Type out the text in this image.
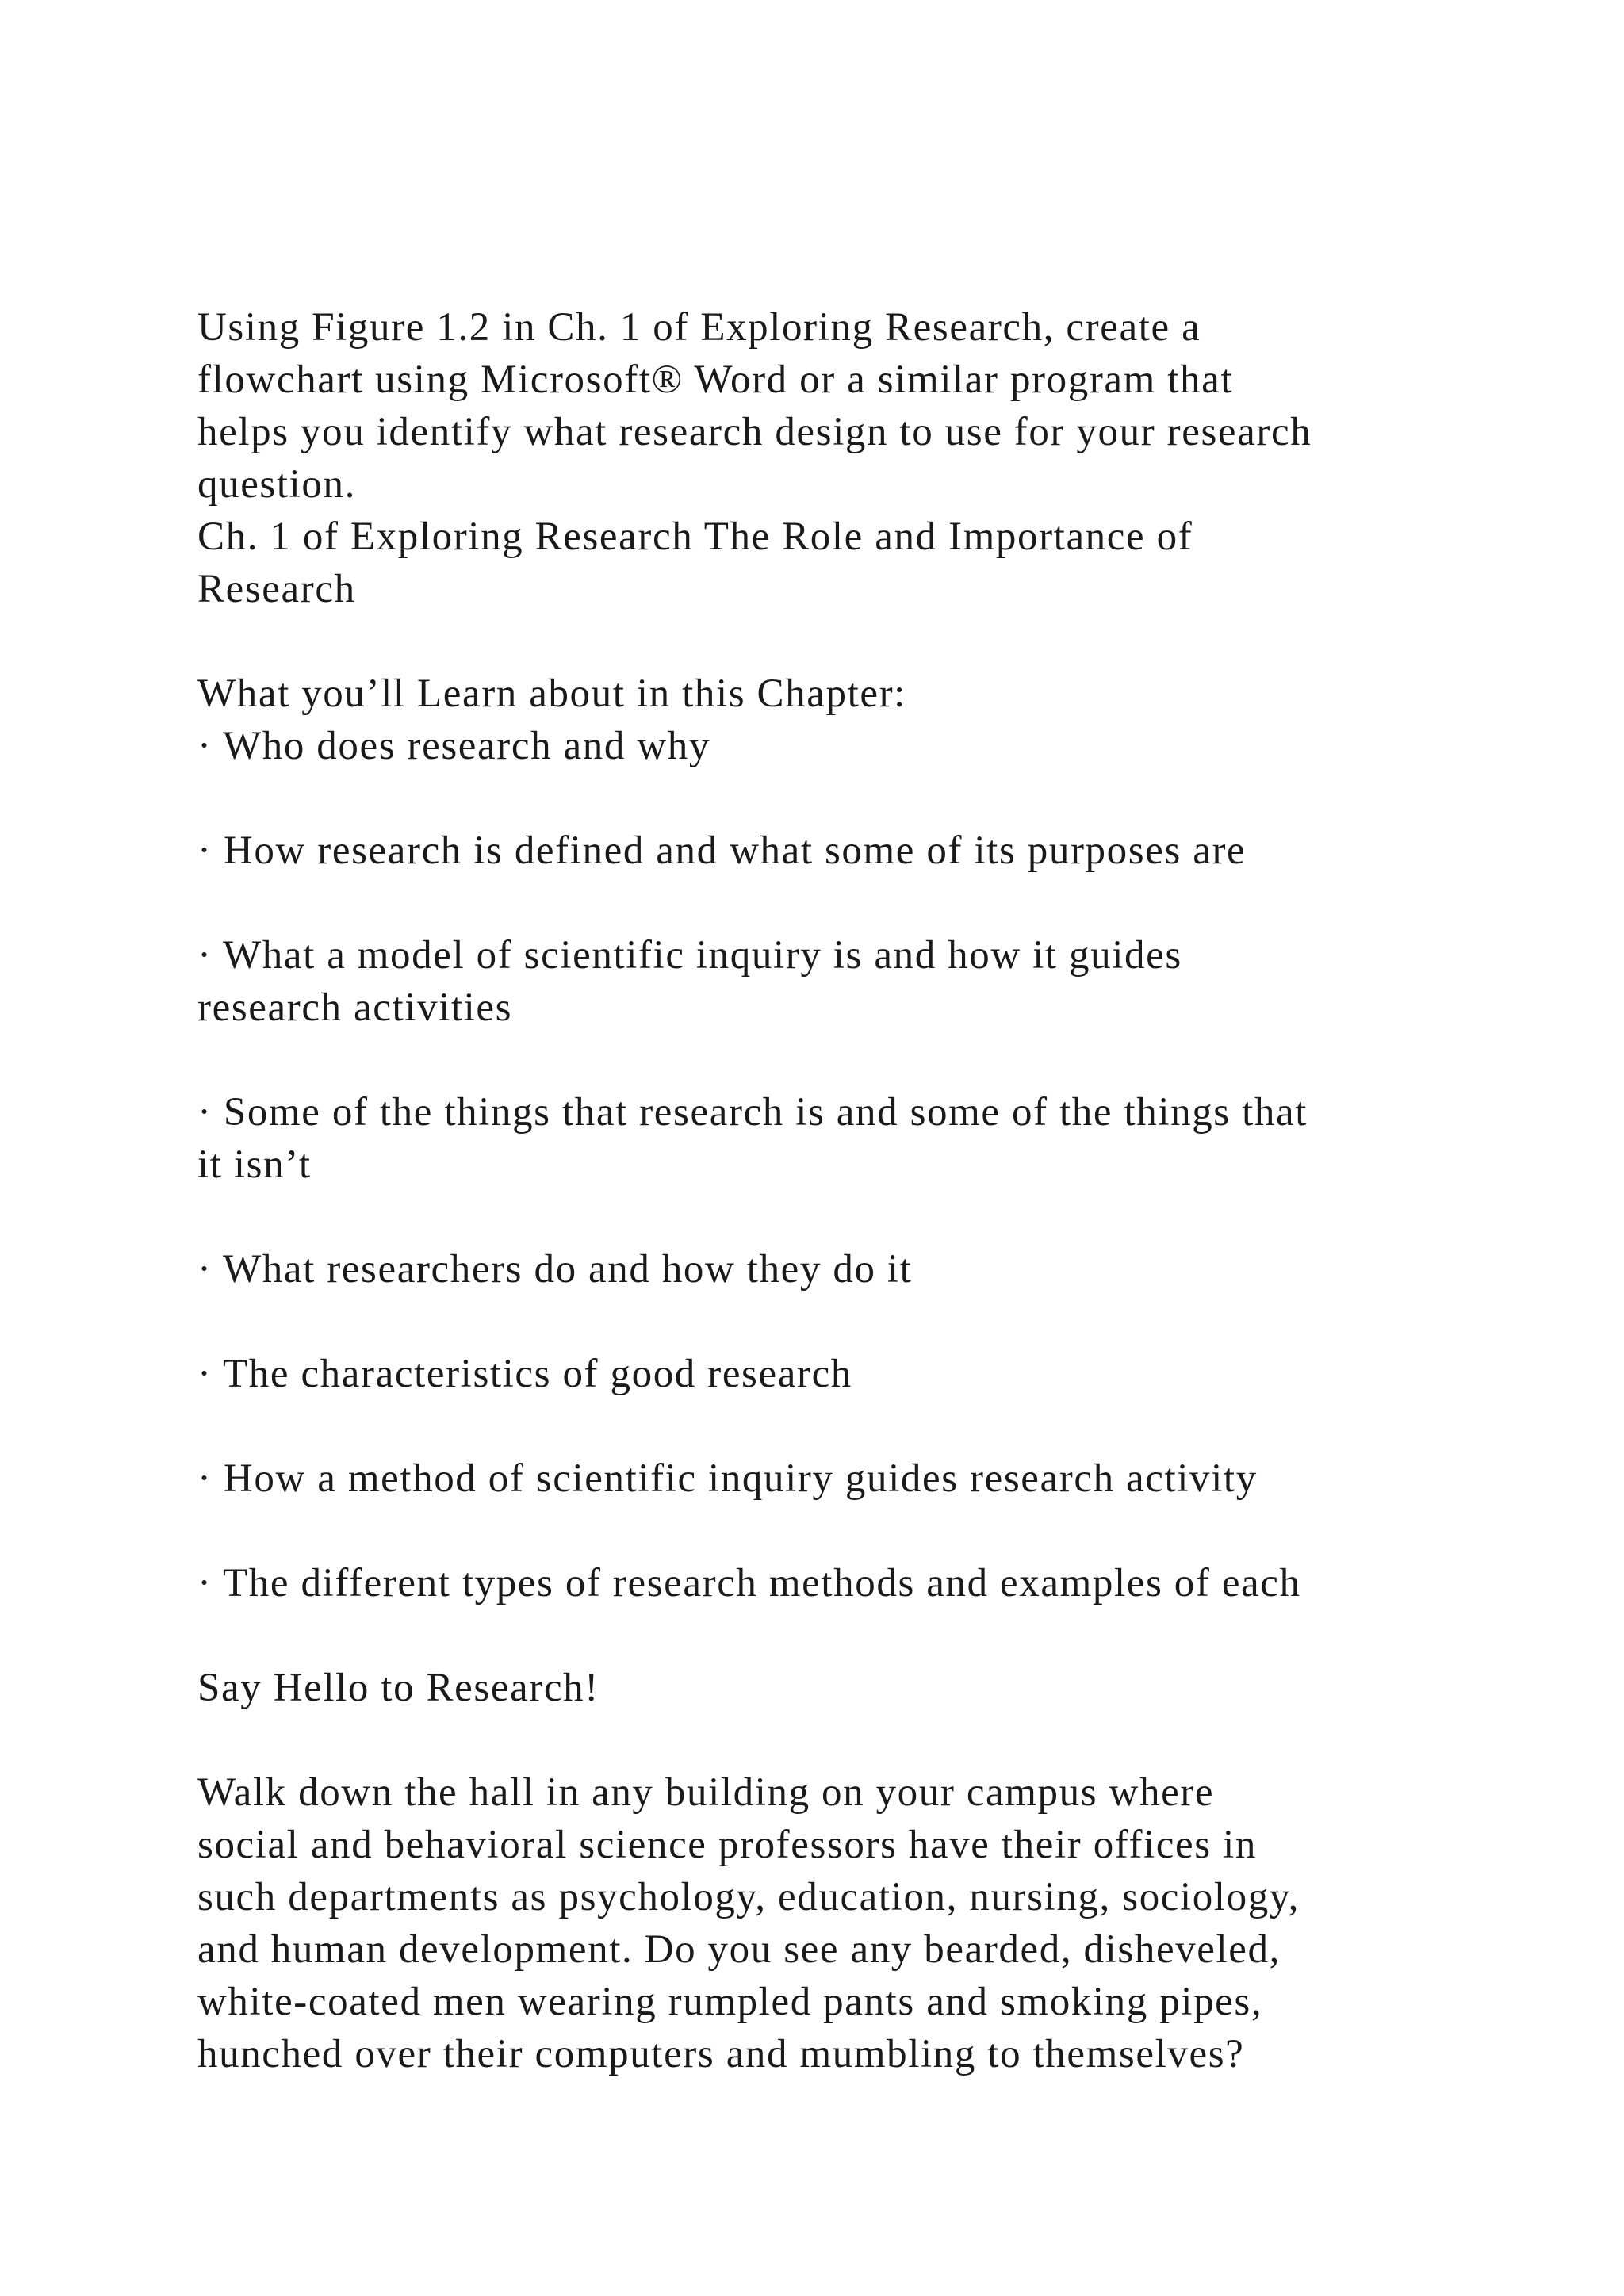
Using Figure 1.2 in Ch. 1 of Exploring Research, create a
flowchart using Microsoft® Word or a similar program that
helps you identify what research design to use for your research
question.
Ch. 1 of Exploring Research The Role and Importance of
Research
What you’ll Learn about in this Chapter:
· Who does research and why
· How research is defined and what some of its purposes are
· What a model of scientific inquiry is and how it guides
research activities
· Some of the things that research is and some of the things that
it isn’t
· What researchers do and how they do it
· The characteristics of good research
· How a method of scientific inquiry guides research activity
· The different types of research methods and examples of each
Say Hello to Research!
Walk down the hall in any building on your campus where
social and behavioral science professors have their offices in
such departments as psychology, education, nursing, sociology,
and human development. Do you see any bearded, disheveled,
white-coated men wearing rumpled pants and smoking pipes,
hunched over their computers and mumbling to themselves?
